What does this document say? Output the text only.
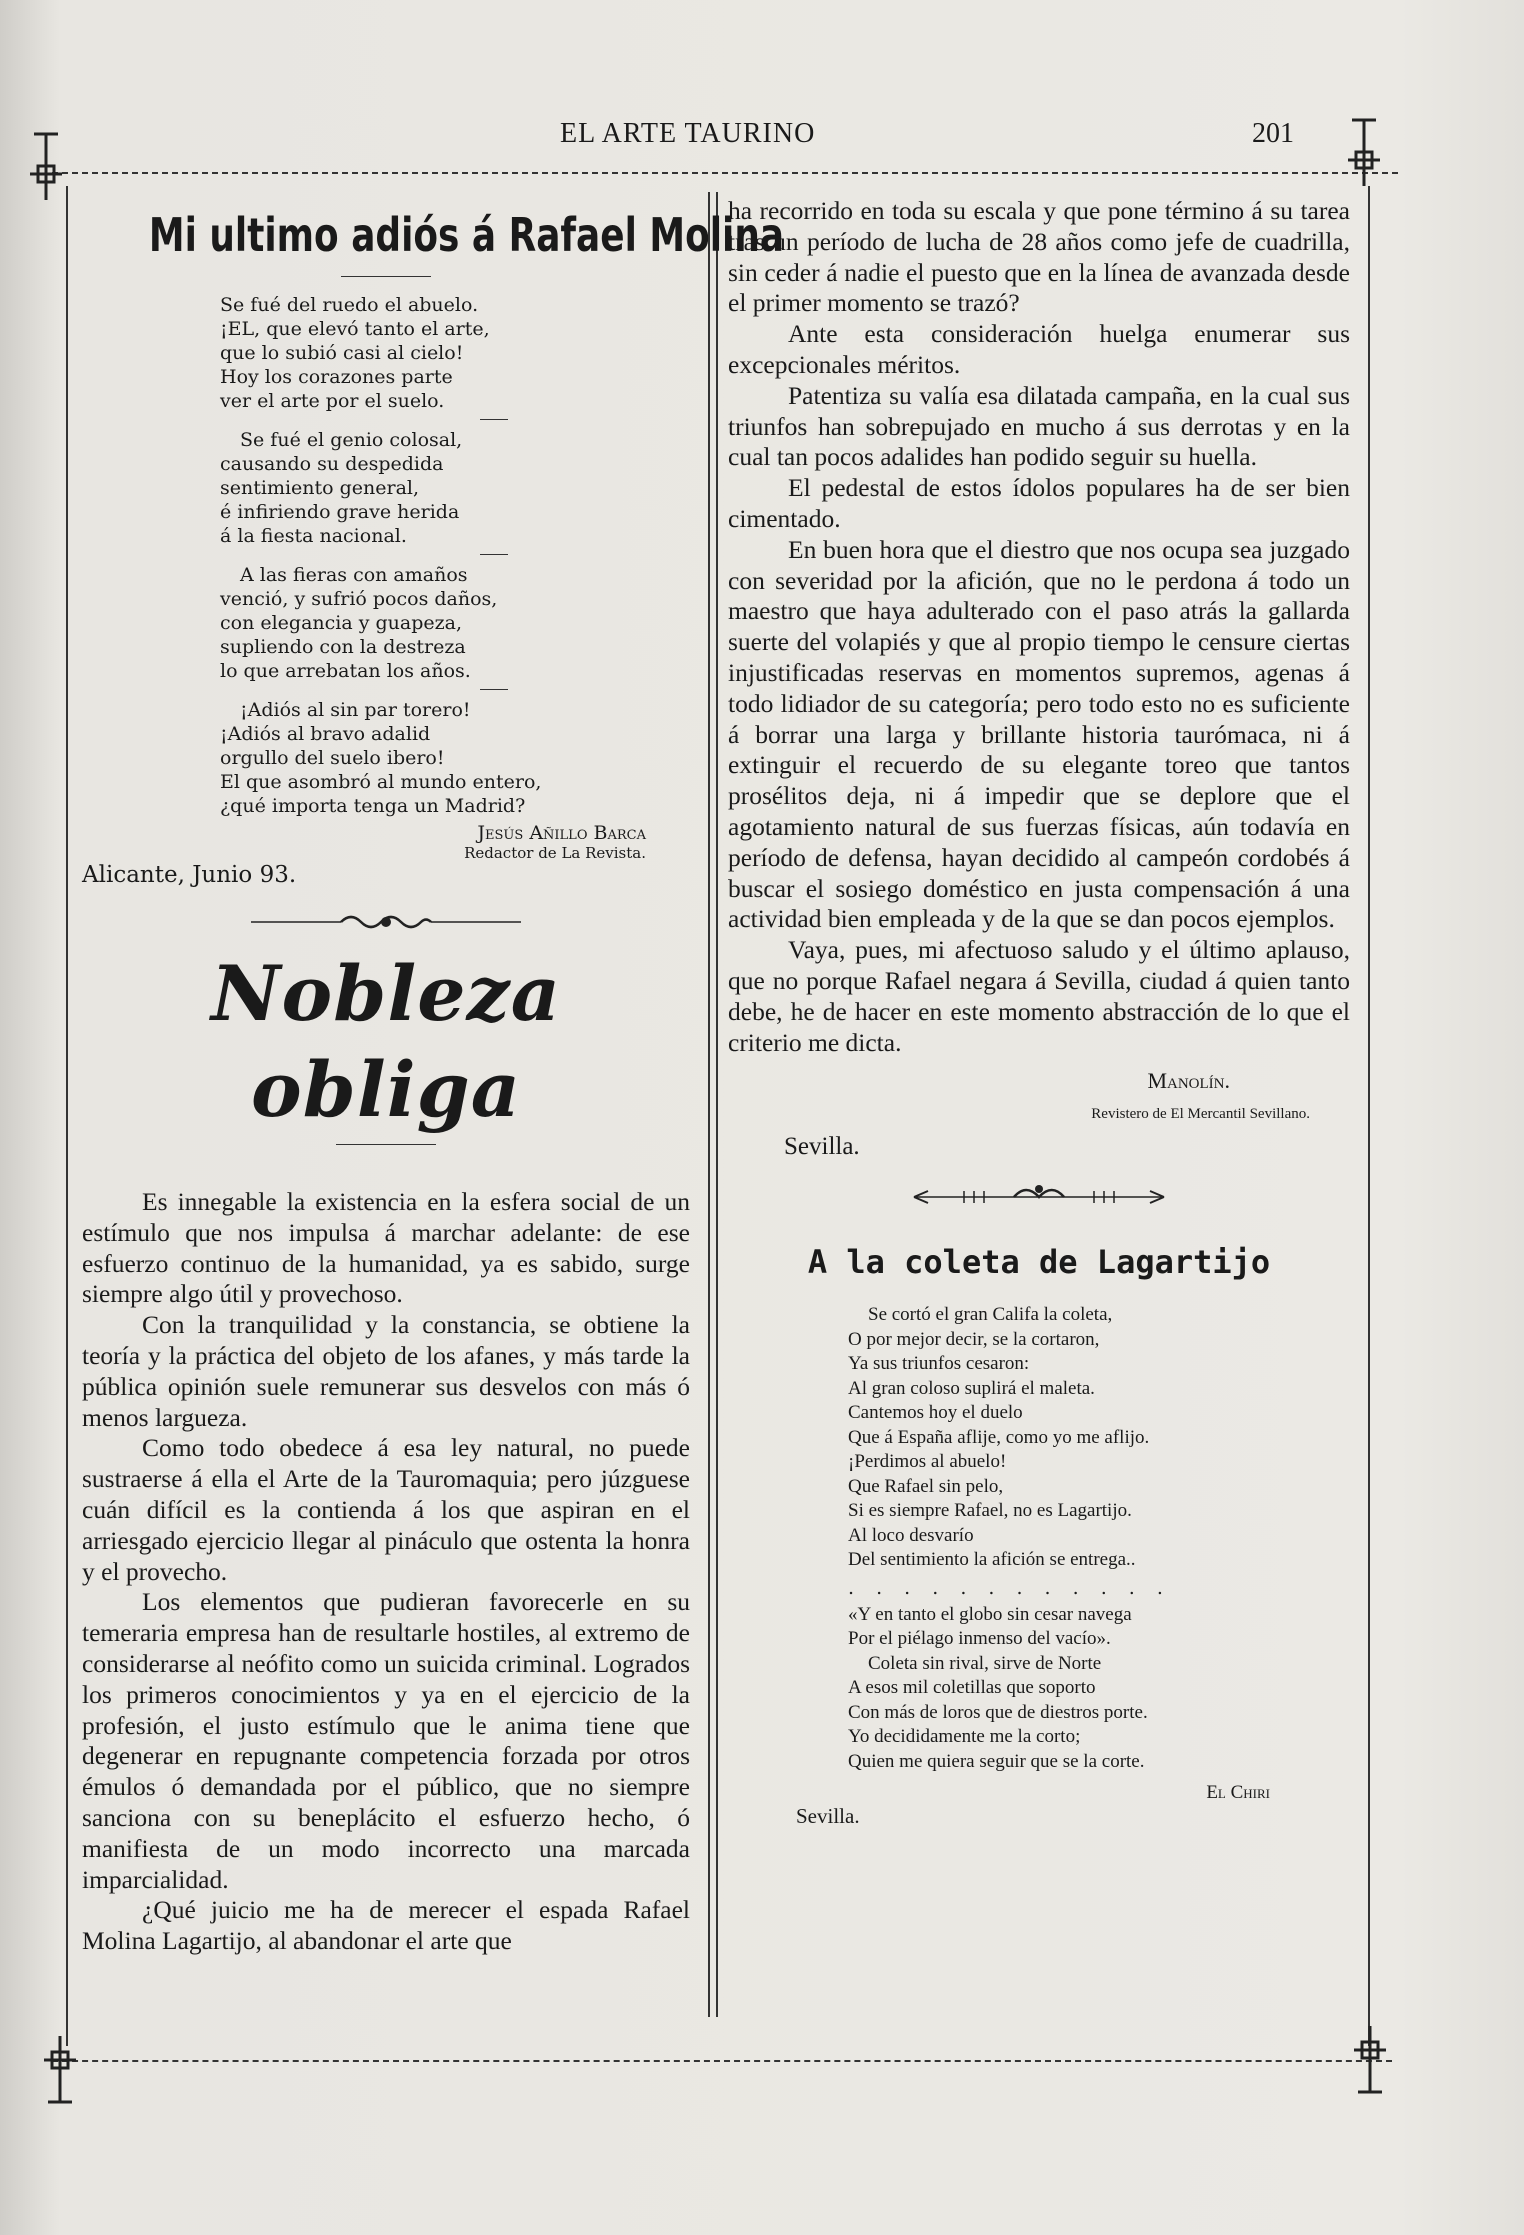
EL ARTE TAURINO	201
Mi ultimo adiós á Rafael Molina

Se fué del ruedo el abuelo.

¡EL, que elevó tanto el arte,

que lo subió casi al cielo!

Hoy los corazones parte

ver el arte por el suelo.

Se fué el genio colosal,

causando su despedida

sentimiento general,

é infiriendo grave herida

á la fiesta nacional.

A las fieras con amaños

venció, y sufrió pocos daños,

con elegancia y guapeza,

supliendo con la destreza

lo que arrebatan los años.

¡Adiós al sin par torero!

¡Adiós al bravo adalid

orgullo del suelo ibero!

El que asombró al mundo entero,

¿qué importa tenga un Madrid?

Jesús Añillo Barca
Redactor de La Revista.
Alicante, Junio 93.
Nobleza obliga

Es innegable la existencia en la esfera social de un estímulo que nos impulsa á marchar adelante: de ese esfuerzo continuo de la humanidad, ya es sabido, surge siempre algo útil y provechoso.

Con la tranquilidad y la constancia, se obtiene la teoría y la práctica del objeto de los afanes, y más tarde la pública opinión suele remunerar sus desvelos con más ó menos largueza.

Como todo obedece á esa ley natural, no puede sustraerse á ella el Arte de la Tauromaquia; pero júzguese cuán difícil es la contienda á los que aspiran en el arriesgado ejercicio llegar al pináculo que ostenta la honra y el provecho.

Los elementos que pudieran favorecerle en su temeraria empresa han de resultarle hostiles, al extremo de considerarse al neófito como un suicida criminal. Logrados los primeros conocimientos y ya en el ejercicio de la profesión, el justo estímulo que le anima tiene que degenerar en repugnante competencia forzada por otros émulos ó demandada por el público, que no siempre sanciona con su beneplácito el esfuerzo hecho, ó manifiesta de un modo incorrecto una marcada imparcialidad.

¿Qué juicio me ha de merecer el espada Rafael Molina Lagartijo, al abandonar el arte que

ha recorrido en toda su escala y que pone término á su tarea tras un período de lucha de 28 años como jefe de cuadrilla, sin ceder á nadie el puesto que en la línea de avanzada desde el primer momento se trazó?

Ante esta consideración huelga enumerar sus excepcionales méritos.

Patentiza su valía esa dilatada campaña, en la cual sus triunfos han sobrepujado en mucho á sus derrotas y en la cual tan pocos adalides han podido seguir su huella.

El pedestal de estos ídolos populares ha de ser bien cimentado.

En buen hora que el diestro que nos ocupa sea juzgado con severidad por la afición, que no le perdona á todo un maestro que haya adulterado con el paso atrás la gallarda suerte del volapiés y que al propio tiempo le censure ciertas injustificadas reservas en momentos supremos, agenas á todo lidiador de su categoría; pero todo esto no es suficiente á borrar una larga y brillante historia taurómaca, ni á extinguir el recuerdo de su elegante toreo que tantos prosélitos deja, ni á impedir que se deplore que el agotamiento natural de sus fuerzas físicas, aún todavía en período de defensa, hayan decidido al campeón cordobés á buscar el sosiego doméstico en justa compensación á una actividad bien empleada y de la que se dan pocos ejemplos.

Vaya, pues, mi afectuoso saludo y el último aplauso, que no porque Rafael negara á Sevilla, ciudad á quien tanto debe, he de hacer en este momento abstracción de lo que el criterio me dicta.

Manolín.
Revistero de El Mercantil Sevillano.
Sevilla.
A la coleta de Lagartijo

Se cortó el gran Califa la coleta,

O por mejor decir, se la cortaron,

Ya sus triunfos cesaron:

Al gran coloso suplirá el maleta.

Cantemos hoy el duelo

Que á España aflije, como yo me aflijo.

¡Perdimos al abuelo!

Que Rafael sin pelo,

Si es siempre Rafael, no es Lagartijo.

Al loco desvarío

Del sentimiento la afición se entrega..

. . . . . . . . . . . .

«Y en tanto el globo sin cesar navega

Por el piélago inmenso del vacío».

Coleta sin rival, sirve de Norte

A esos mil coletillas que soporto

Con más de loros que de diestros porte.

Yo decididamente me la corto;

Quien me quiera seguir que se la corte.

El Chiri
Sevilla.
